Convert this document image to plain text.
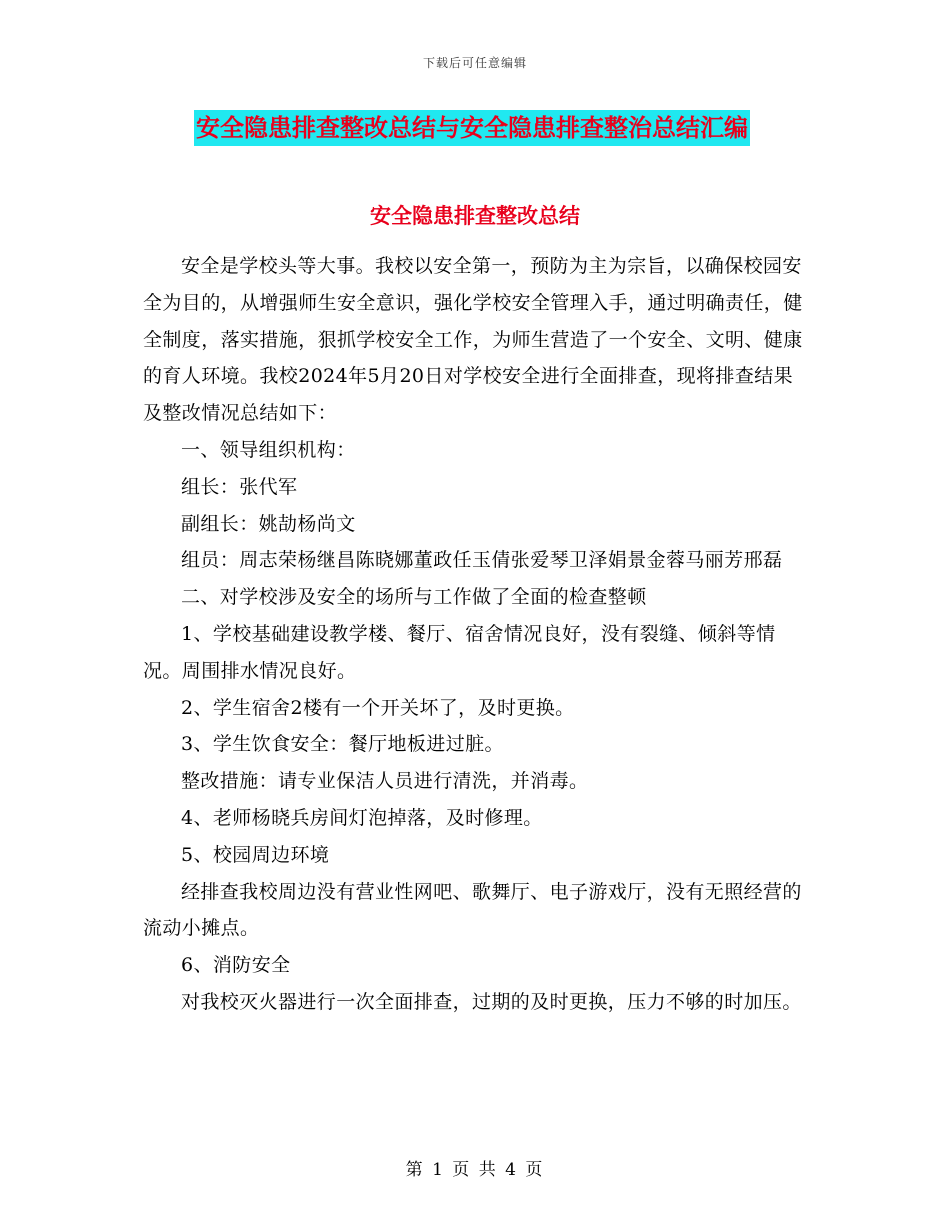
下载后可任意编辑
安全隐患排查整改总结与安全隐患排查整治总结汇编
安全隐患排查整改总结

安全是学校头等大事。我校以安全第一，预防为主为宗旨，以确保校园安全为目的，从增强师生安全意识，强化学校安全管理入手，通过明确责任，健全制度，落实措施，狠抓学校安全工作，为师生营造了一个安全、文明、健康的育人环境。我校2024年5月20日对学校安全进行全面排查，现将排查结果及整改情况总结如下：

一、领导组织机构：

组长：张代军

副组长：姚劼杨尚文

组员：周志荣杨继昌陈晓娜董政任玉倩张爱琴卫泽娟景金蓉马丽芳邢磊

二、对学校涉及安全的场所与工作做了全面的检查整顿

1、学校基础建设教学楼、餐厅、宿舍情况良好，没有裂缝、倾斜等情况。周围排水情况良好。

2、学生宿舍2楼有一个开关坏了，及时更换。

3、学生饮食安全：餐厅地板进过脏。

整改措施：请专业保洁人员进行清洗，并消毒。

4、老师杨晓兵房间灯泡掉落，及时修理。

5、校园周边环境

经排查我校周边没有营业性网吧、歌舞厅、电子游戏厅，没有无照经营的流动小摊点。

6、消防安全

对我校灭火器进行一次全面排查，过期的及时更换，压力不够的时加压。

第 1 页 共 4 页
